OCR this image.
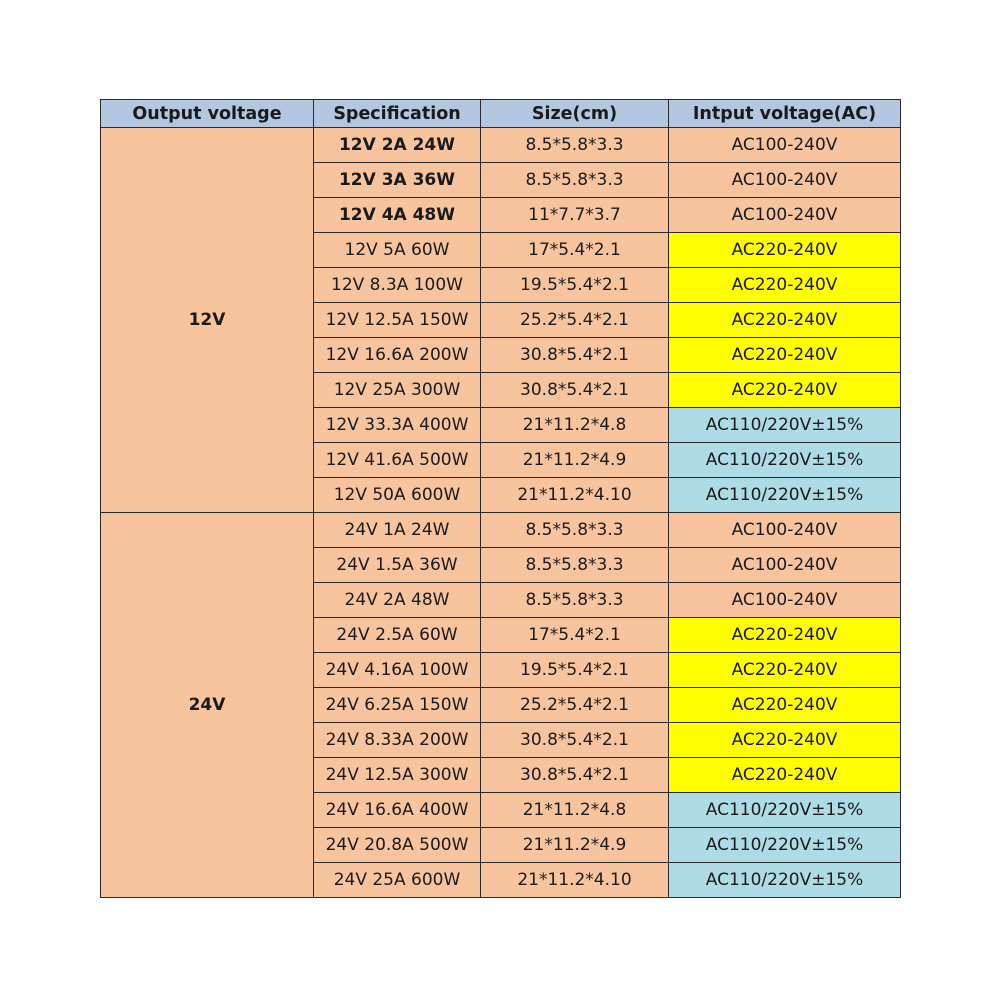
Output voltage	Specification	Size(cm)	Intput voltage(AC)
12V	12V 2A 24W	8.5*5.8*3.3	AC100-240V
	12V 3A 36W	8.5*5.8*3.3	AC100-240V
	12V 4A 48W	11*7.7*3.7	AC100-240V
	12V 5A 60W	17*5.4*2.1	AC220-240V
	12V 8.3A 100W	19.5*5.4*2.1	AC220-240V
	12V 12.5A 150W	25.2*5.4*2.1	AC220-240V
	12V 16.6A 200W	30.8*5.4*2.1	AC220-240V
	12V 25A 300W	30.8*5.4*2.1	AC220-240V
	12V 33.3A 400W	21*11.2*4.8	AC110/220V±15%
	12V 41.6A 500W	21*11.2*4.9	AC110/220V±15%
	12V 50A 600W	21*11.2*4.10	AC110/220V±15%
24V	24V 1A 24W	8.5*5.8*3.3	AC100-240V
	24V 1.5A 36W	8.5*5.8*3.3	AC100-240V
	24V 2A 48W	8.5*5.8*3.3	AC100-240V
	24V 2.5A 60W	17*5.4*2.1	AC220-240V
	24V 4.16A 100W	19.5*5.4*2.1	AC220-240V
	24V 6.25A 150W	25.2*5.4*2.1	AC220-240V
	24V 8.33A 200W	30.8*5.4*2.1	AC220-240V
	24V 12.5A 300W	30.8*5.4*2.1	AC220-240V
	24V 16.6A 400W	21*11.2*4.8	AC110/220V±15%
	24V 20.8A 500W	21*11.2*4.9	AC110/220V±15%
	24V 25A 600W	21*11.2*4.10	AC110/220V±15%
